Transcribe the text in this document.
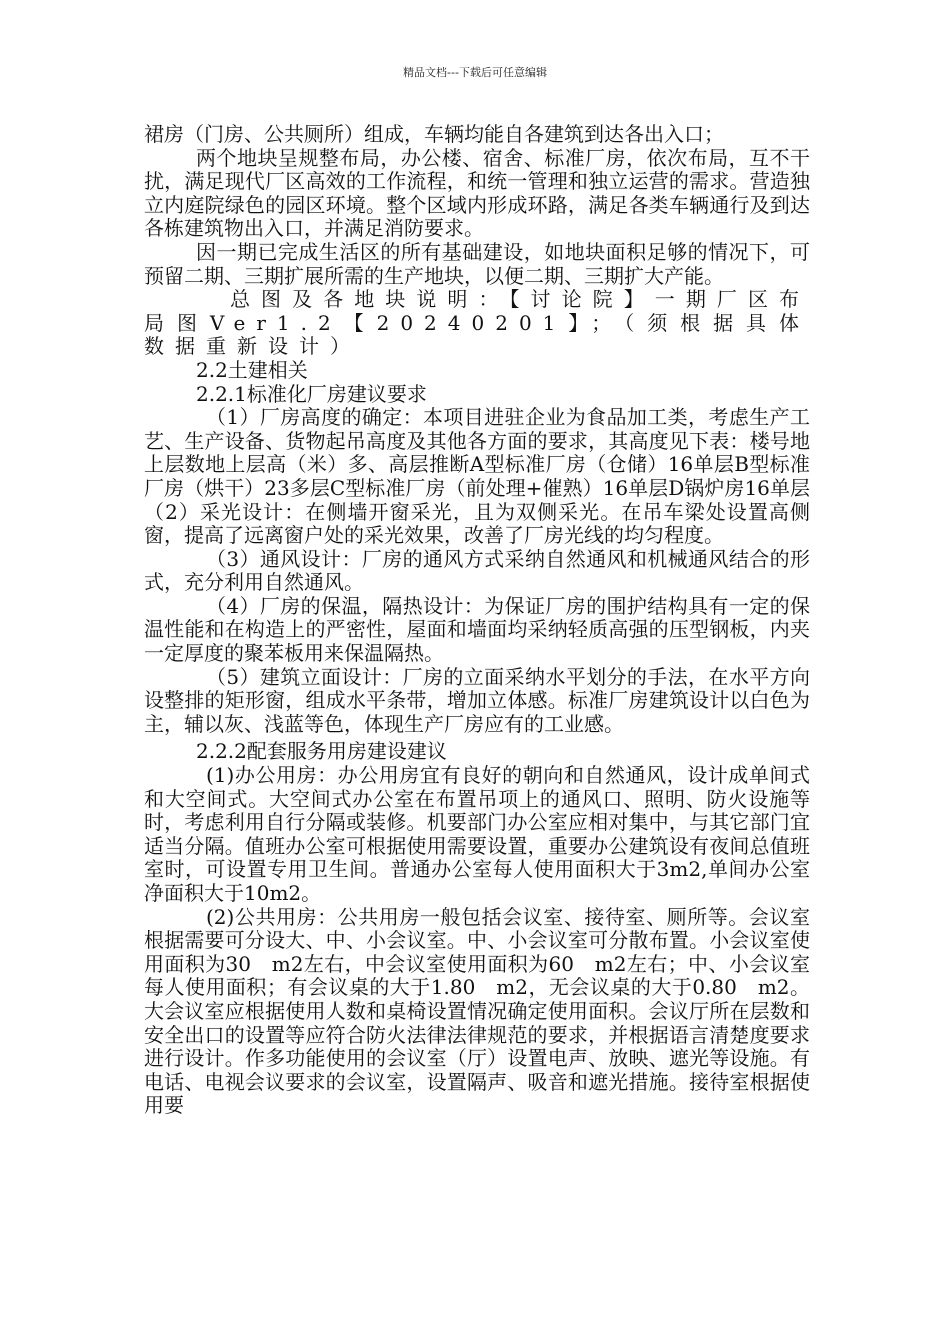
精品文档---下载后可任意编辑

裙房（门房、公共厕所）组成，车辆均能自各建筑到达各出入口；

两个地块呈规整布局，办公楼、宿舍、标准厂房，依次布局，互不干扰，满足现代厂区高效的工作流程，和统一管理和独立运营的需求。营造独立内庭院绿色的园区环境。整个区域内形成环路，满足各类车辆通行及到达各栋建筑物出入口，并满足消防要求。

因一期已完成生活区的所有基础建设，如地块面积足够的情况下，可预留二期、三期扩展所需的生产地块，以便二期、三期扩大产能。

总图及各地块说明：【讨论院】一期厂区布局图Ver1.2【20240201】；（须根据具体数据重新设计）

2.2土建相关

2.2.1标准化厂房建议要求

（1）厂房高度的确定：本项目进驻企业为食品加工类，考虑生产工艺、生产设备、货物起吊高度及其他各方面的要求，其高度见下表：楼号地上层数地上层高（米）多、高层推断A型标准厂房（仓储）16单层B型标准厂房（烘干）23多层C型标准厂房（前处理+催熟）16单层D锅炉房16单层（2）采光设计：在侧墙开窗采光，且为双侧采光。在吊车梁处设置高侧窗，提高了远离窗户处的采光效果，改善了厂房光线的均匀程度。

（3）通风设计：厂房的通风方式采纳自然通风和机械通风结合的形式，充分利用自然通风。

（4）厂房的保温，隔热设计：为保证厂房的围护结构具有一定的保温性能和在构造上的严密性，屋面和墙面均采纳轻质高强的压型钢板，内夹一定厚度的聚苯板用来保温隔热。

（5）建筑立面设计：厂房的立面采纳水平划分的手法，在水平方向设整排的矩形窗，组成水平条带，增加立体感。标准厂房建筑设计以白色为主，辅以灰、浅蓝等色，体现生产厂房应有的工业感。

2.2.2配套服务用房建设建议

(1)办公用房：办公用房宜有良好的朝向和自然通风，设计成单间式和大空间式。大空间式办公室在布置吊项上的通风口、照明、防火设施等时，考虑利用自行分隔或装修。机要部门办公室应相对集中，与其它部门宜适当分隔。值班办公室可根据使用需要设置，重要办公建筑设有夜间总值班室时，可设置专用卫生间。普通办公室每人使用面积大于3m2,单间办公室净面积大于10m2。

(2)公共用房：公共用房一般包括会议室、接待室、厕所等。会议室根据需要可分设大、中、小会议室。中、小会议室可分散布置。小会议室使用面积为30　m2左右，中会议室使用面积为60　m2左右；中、小会议室每人使用面积；有会议桌的大于1.80　m2，无会议桌的大于0.80　m2。大会议室应根据使用人数和桌椅设置情况确定使用面积。会议厅所在层数和安全出口的设置等应符合防火法律法律规范的要求，并根据语言清楚度要求进行设计。作多功能使用的会议室（厅）设置电声、放映、遮光等设施。有电话、电视会议要求的会议室，设置隔声、吸音和遮光措施。接待室根据使用要
